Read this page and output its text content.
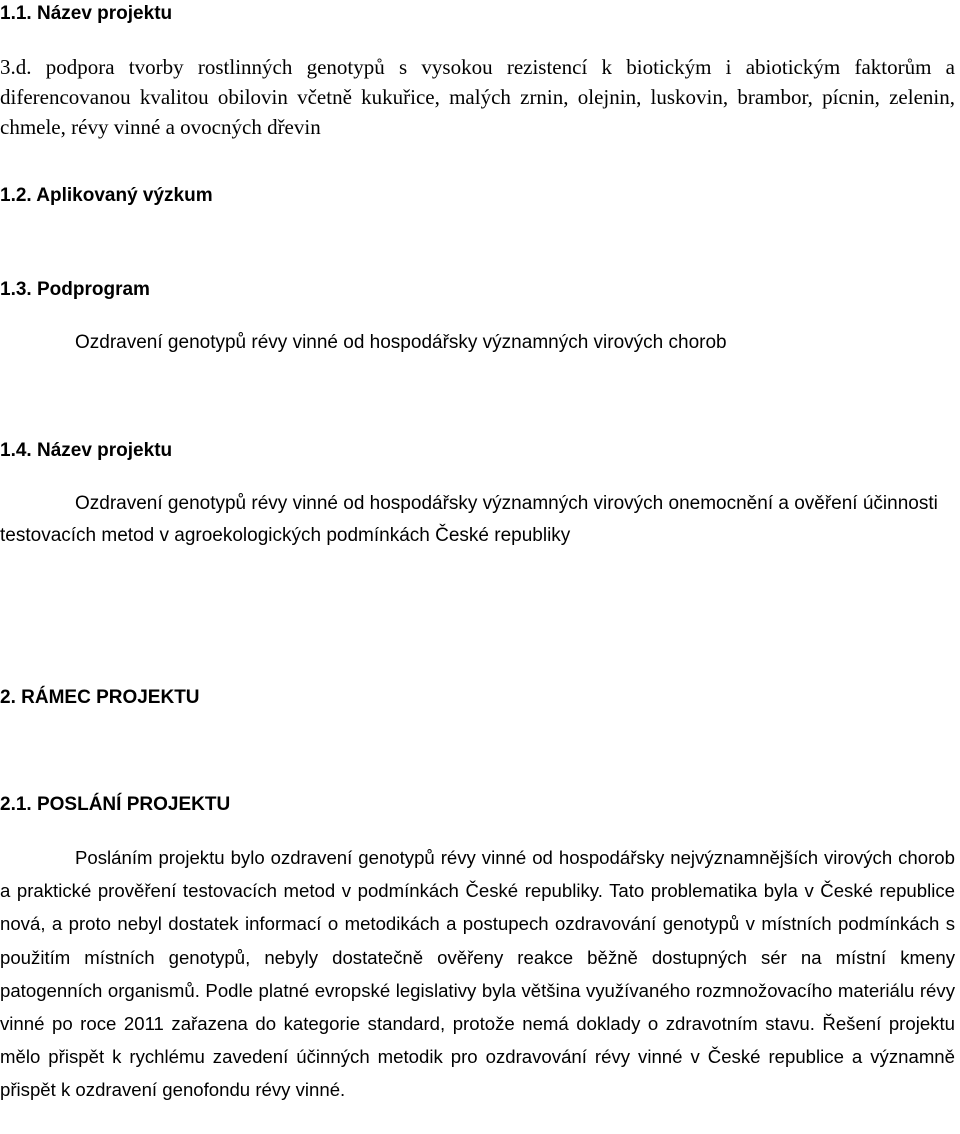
1.1. Název projektu

3.d. podpora tvorby rostlinných genotypů s vysokou rezistencí k biotickým i abiotickým faktorům a diferencovanou kvalitou obilovin včetně kukuřice, malých zrnin, olejnin, luskovin, brambor, pícnin, zelenin, chmele, révy vinné a ovocných dřevin

1.2. Aplikovaný výzkum
1.3. Podprogram

Ozdravení genotypů révy vinné od hospodářsky významných virových chorob

1.4. Název projektu

Ozdravení genotypů révy vinné od hospodářsky významných virových onemocnění a ověření účinnosti testovacích metod v agroekologických podmínkách České republiky

2. RÁMEC PROJEKTU
2.1. POSLÁNÍ PROJEKTU

Posláním projektu bylo ozdravení genotypů révy vinné od hospodářsky nejvýznamnějších virových chorob a praktické prověření testovacích metod v podmínkách České republiky. Tato problematika byla v České republice nová, a proto nebyl dostatek informací o metodikách a postupech ozdravování genotypů v místních podmínkách s použitím místních genotypů, nebyly dostatečně ověřeny reakce běžně dostupných sér na místní kmeny patogenních organismů. Podle platné evropské legislativy byla většina využívaného rozmnožovacího materiálu révy vinné po roce 2011 zařazena do kategorie standard, protože nemá doklady o zdravotním stavu. Řešení projektu mělo přispět k rychlému zavedení účinných metodik pro ozdravování révy vinné v České republice a významně přispět k ozdravení genofondu révy vinné.
